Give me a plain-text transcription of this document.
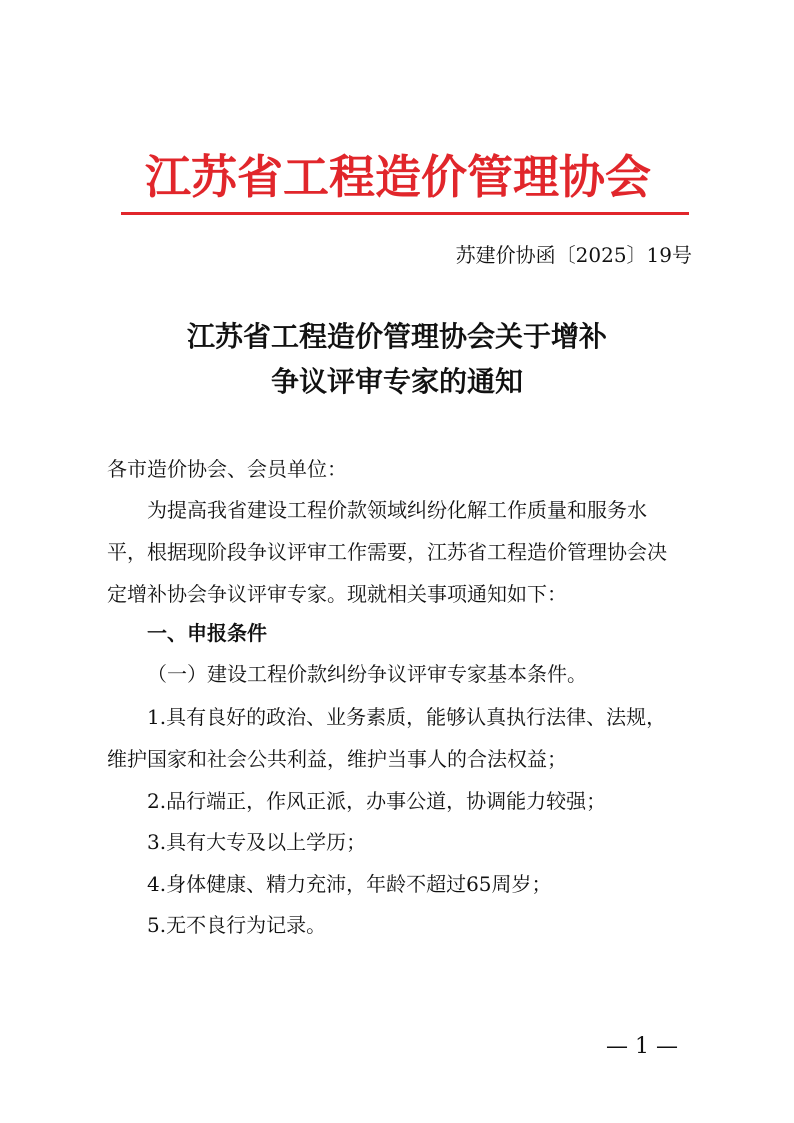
江苏省工程造价管理协会
苏建价协函〔2025〕19号
江苏省工程造价管理协会关于增补
争议评审专家的通知
各市造价协会、会员单位：
为提高我省建设工程价款领域纠纷化解工作质量和服务水
平，根据现阶段争议评审工作需要，江苏省工程造价管理协会决
定增补协会争议评审专家。现就相关事项通知如下：
一、申报条件
（一）建设工程价款纠纷争议评审专家基本条件。
1.具有良好的政治、业务素质，能够认真执行法律、法规，
维护国家和社会公共利益，维护当事人的合法权益；
2.品行端正，作风正派，办事公道，协调能力较强；
3.具有大专及以上学历；
4.身体健康、精力充沛，年龄不超过65周岁；
5.无不良行为记录。
— 1 —
